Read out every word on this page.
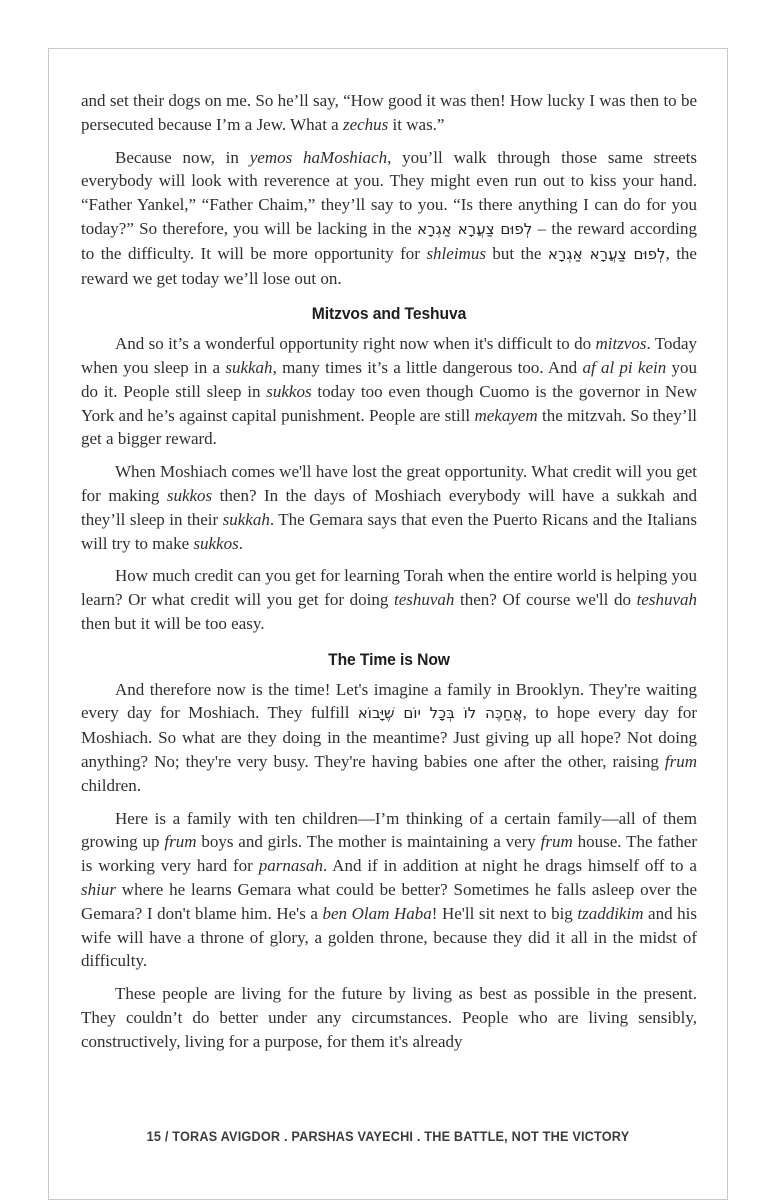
and set their dogs on me. So he’ll say, “How good it was then! How lucky I was then to be persecuted because I’m a Jew. What a zechus it was.”

Because now, in yemos haMoshiach, you’ll walk through those same streets everybody will look with reverence at you. They might even run out to kiss your hand. “Father Yankel,” “Father Chaim,” they’ll say to you. “Is there anything I can do for you today?” So therefore, you will be lacking in the לְפוּם צַעֲרָא אַגְרָא – the reward according to the difficulty. It will be more opportunity for shleimus but the לְפוּם צַעֲרָא אַגְרָא, the reward we get today we’ll lose out on.

Mitzvos and Teshuva

And so it’s a wonderful opportunity right now when it's difficult to do mitzvos. Today when you sleep in a sukkah, many times it’s a little dangerous too. And af al pi kein you do it. People still sleep in sukkos today too even though Cuomo is the governor in New York and he’s against capital punishment. People are still mekayem the mitzvah. So they’ll get a bigger reward.

When Moshiach comes we'll have lost the great opportunity. What credit will you get for making sukkos then? In the days of Moshiach everybody will have a sukkah and they’ll sleep in their sukkah. The Gemara says that even the Puerto Ricans and the Italians will try to make sukkos.

How much credit can you get for learning Torah when the entire world is helping you learn? Or what credit will you get for doing teshuvah then? Of course we'll do teshuvah then but it will be too easy.

The Time is Now

And therefore now is the time! Let's imagine a family in Brooklyn. They're waiting every day for Moshiach. They fulfill אֲחַכֶּה לוֹ בְּכָל יוֹם שֶׁיָּבוֹא, to hope every day for Moshiach. So what are they doing in the meantime? Just giving up all hope? Not doing anything? No; they're very busy. They're having babies one after the other, raising frum children.

Here is a family with ten children—I’m thinking of a certain family—all of them growing up frum boys and girls. The mother is maintaining a very frum house. The father is working very hard for parnasah. And if in addition at night he drags himself off to a shiur where he learns Gemara what could be better? Sometimes he falls asleep over the Gemara? I don't blame him. He's a ben Olam Haba! He'll sit next to big tzaddikim and his wife will have a throne of glory, a golden throne, because they did it all in the midst of difficulty.

These people are living for the future by living as best as possible in the present. They couldn’t do better under any circumstances. People who are living sensibly, constructively, living for a purpose, for them it's already

15 / TORAS AVIGDOR . PARSHAS VAYECHI . THE BATTLE, NOT THE VICTORY
